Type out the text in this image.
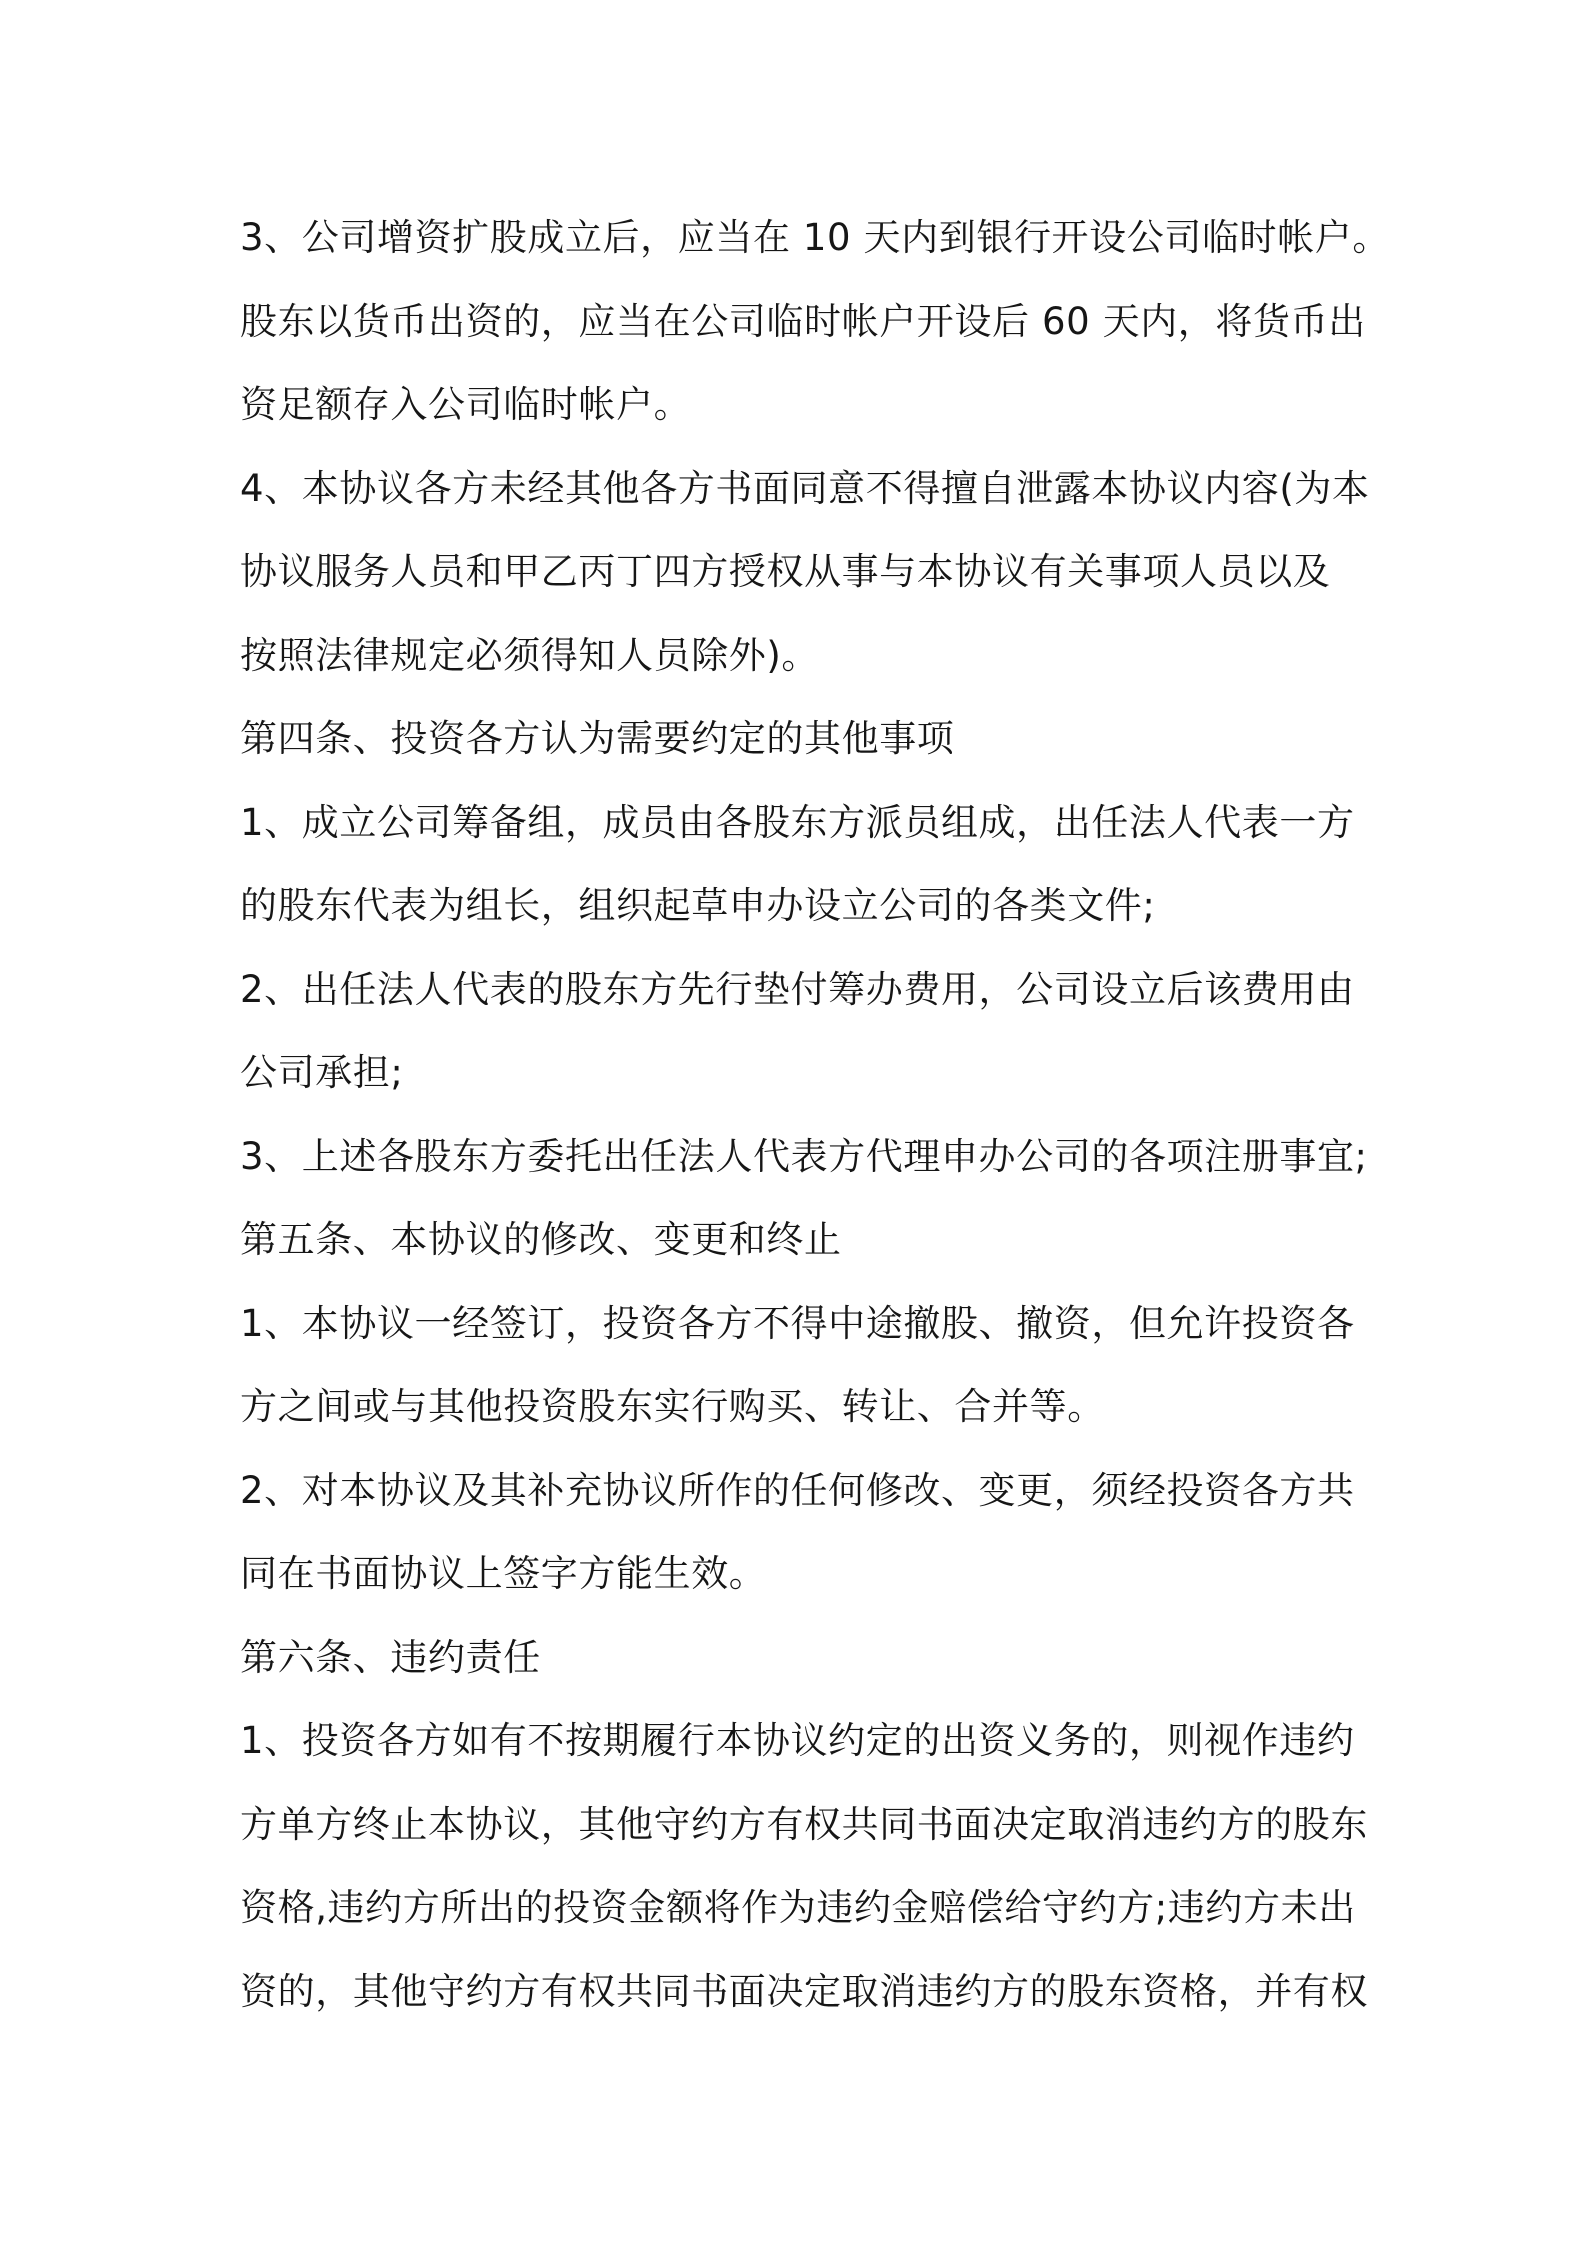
3、公司增资扩股成立后，应当在 10 天内到银行开设公司临时帐户。
股东以货币出资的，应当在公司临时帐户开设后 60 天内，将货币出
资足额存入公司临时帐户。
4、本协议各方未经其他各方书面同意不得擅自泄露本协议内容(为本
协议服务人员和甲乙丙丁四方授权从事与本协议有关事项人员以及
按照法律规定必须得知人员除外)。
第四条、投资各方认为需要约定的其他事项
1、成立公司筹备组，成员由各股东方派员组成，出任法人代表一方
的股东代表为组长，组织起草申办设立公司的各类文件;
2、出任法人代表的股东方先行垫付筹办费用，公司设立后该费用由
公司承担;
3、上述各股东方委托出任法人代表方代理申办公司的各项注册事宜;
第五条、本协议的修改、变更和终止
1、本协议一经签订，投资各方不得中途撤股、撤资，但允许投资各
方之间或与其他投资股东实行购买、转让、合并等。
2、对本协议及其补充协议所作的任何修改、变更，须经投资各方共
同在书面协议上签字方能生效。
第六条、违约责任
1、投资各方如有不按期履行本协议约定的出资义务的，则视作违约
方单方终止本协议，其他守约方有权共同书面决定取消违约方的股东
资格,违约方所出的投资金额将作为违约金赔偿给守约方;违约方未出
资的，其他守约方有权共同书面决定取消违约方的股东资格，并有权
